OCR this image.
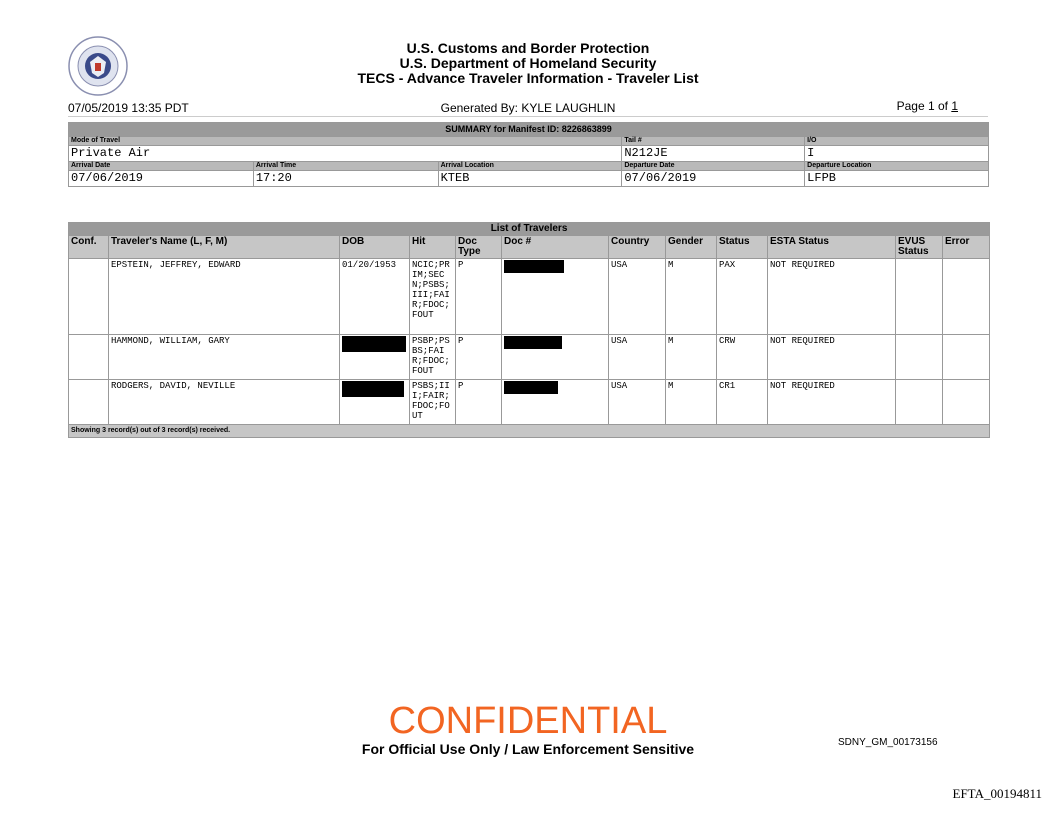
U.S. Customs and Border Protection
U.S. Department of Homeland Security
TECS - Advance Traveler Information - Traveler List
07/05/2019 13:35 PDT	Generated By: KYLE LAUGHLIN	Page 1 of 1
SUMMARY for Manifest ID: 8226863899				
Mode of Travel			Tail #	I/O
Private Air			N212JE	I
Arrival Date	Arrival Time	Arrival Location	Departure Date	Departure Location
07/06/2019	17:20	KTEB	07/06/2019	LFPB
List of Travelers											
Conf.	Traveler's Name (L, F, M)	DOB	Hit	Doc Type	Doc #	Country	Gender	Status	ESTA Status	EVUS Status	Error
	EPSTEIN, JEFFREY, EDWARD	01/20/1953	NCIC;PRIM;SECN;PSBS;III;FAIR;FDOC;FOUT	P		USA	M	PAX	NOT REQUIRED		
	HAMMOND, WILLIAM, GARY		PSBP;PSBS;FAIR;FDOC;FOUT	P		USA	M	CRW	NOT REQUIRED		
	RODGERS, DAVID, NEVILLE		PSBS;III;FAIR;FDOC;FOUT	P		USA	M	CR1	NOT REQUIRED		
Showing 3 record(s) out of 3 record(s) received.											
CONFIDENTIAL
For Official Use Only / Law Enforcement Sensitive	SDNY_GM_00173156
EFTA_00194811
